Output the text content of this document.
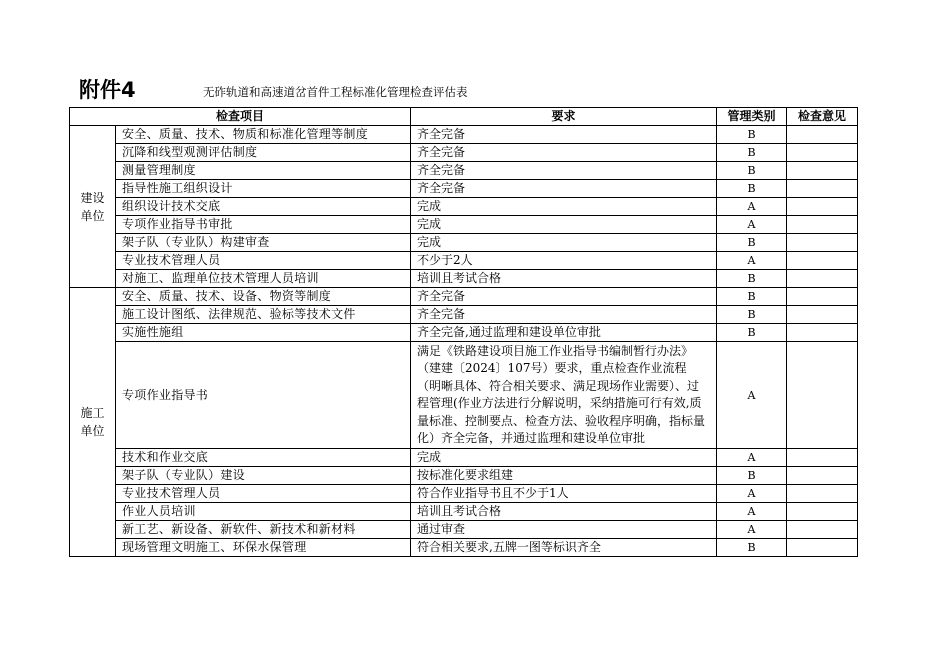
附件4	无砟轨道和高速道岔首件工程标准化管理检查评估表
检查项目		要求	管理类别	检查意见

建设单位	安全、质量、技术、物质和标准化管理等制度	齐全完备	B	
	沉降和线型观测评估制度	齐全完备	B	
	测量管理制度	齐全完备	B	
	指导性施工组织设计	齐全完备	B	
	组织设计技术交底	完成	A	
	专项作业指导书审批	完成	A	
	架子队（专业队）构建审查	完成	B	
	专业技术管理人员	不少于2人	A	
	对施工、监理单位技术管理人员培训	培训且考试合格	B	

施工单位	安全、质量、技术、设备、物资等制度	齐全完备	B	
	施工设计图纸、法律规范、验标等技术文件	齐全完备	B	
	实施性施组	齐全完备,通过监理和建设单位审批	B	
	专项作业指导书	满足《铁路建设项目施工作业指导书编制暂行办法》（建建〔2024〕107号）要求，重点检查作业流程（明晰具体、符合相关要求、满足现场作业需要）、过程管理(作业方法进行分解说明，采纳措施可行有效,质量标准、控制要点、检查方法、验收程序明确，指标量化）齐全完备，并通过监理和建设单位审批	A	
	技术和作业交底	完成	A	
	架子队（专业队）建设	按标准化要求组建	B	
	专业技术管理人员	符合作业指导书且不少于1人	A	
	作业人员培训	培训且考试合格	A	
	新工艺、新设备、新软件、新技术和新材料	通过审查	A	
	现场管理文明施工、环保水保管理	符合相关要求,五牌一图等标识齐全	B	
